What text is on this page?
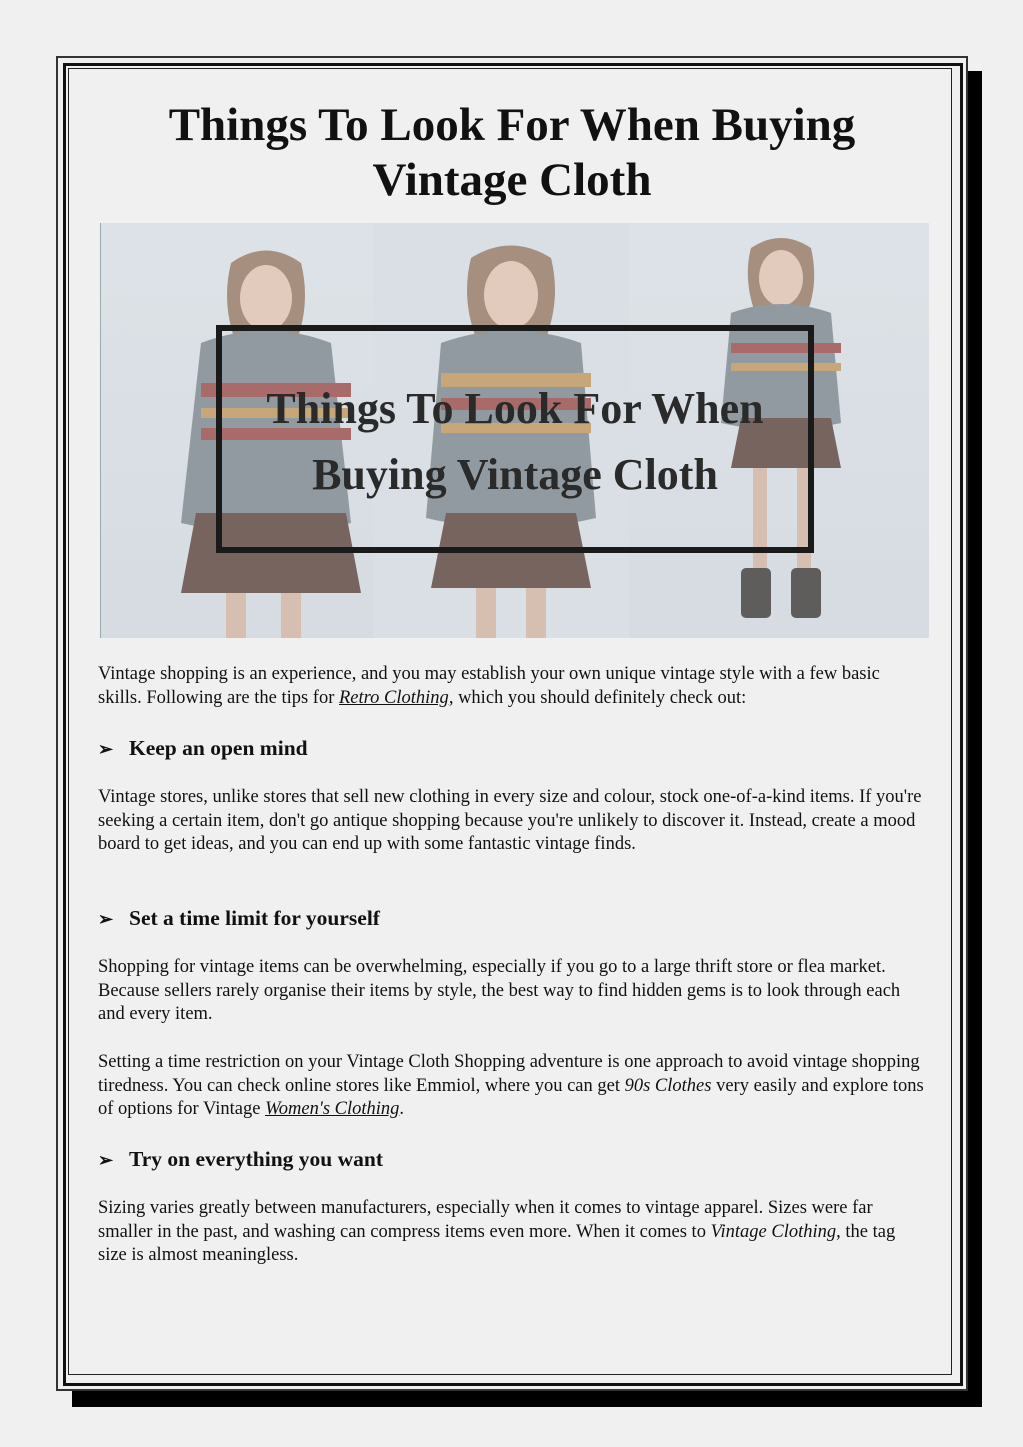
Things To Look For When Buying
Vintage Cloth
Things To Look For When
Buying Vintage Cloth

Vintage shopping is an experience, and you may establish your own unique vintage style with a few basic skills. Following are the tips for Retro Clothing, which you should definitely check out:

➢ Keep an open mind

Vintage stores, unlike stores that sell new clothing in every size and colour, stock one-of-a-kind items. If you're seeking a certain item, don't go antique shopping because you're unlikely to discover it. Instead, create a mood board to get ideas, and you can end up with some fantastic vintage finds.

➢ Set a time limit for yourself

Shopping for vintage items can be overwhelming, especially if you go to a large thrift store or flea market. Because sellers rarely organise their items by style, the best way to find hidden gems is to look through each and every item.

Setting a time restriction on your Vintage Cloth Shopping adventure is one approach to avoid vintage shopping tiredness. You can check online stores like Emmiol, where you can get 90s Clothes very easily and explore tons of options for Vintage Women's Clothing.

➢ Try on everything you want

Sizing varies greatly between manufacturers, especially when it comes to vintage apparel. Sizes were far smaller in the past, and washing can compress items even more. When it comes to Vintage Clothing, the tag size is almost meaningless.
